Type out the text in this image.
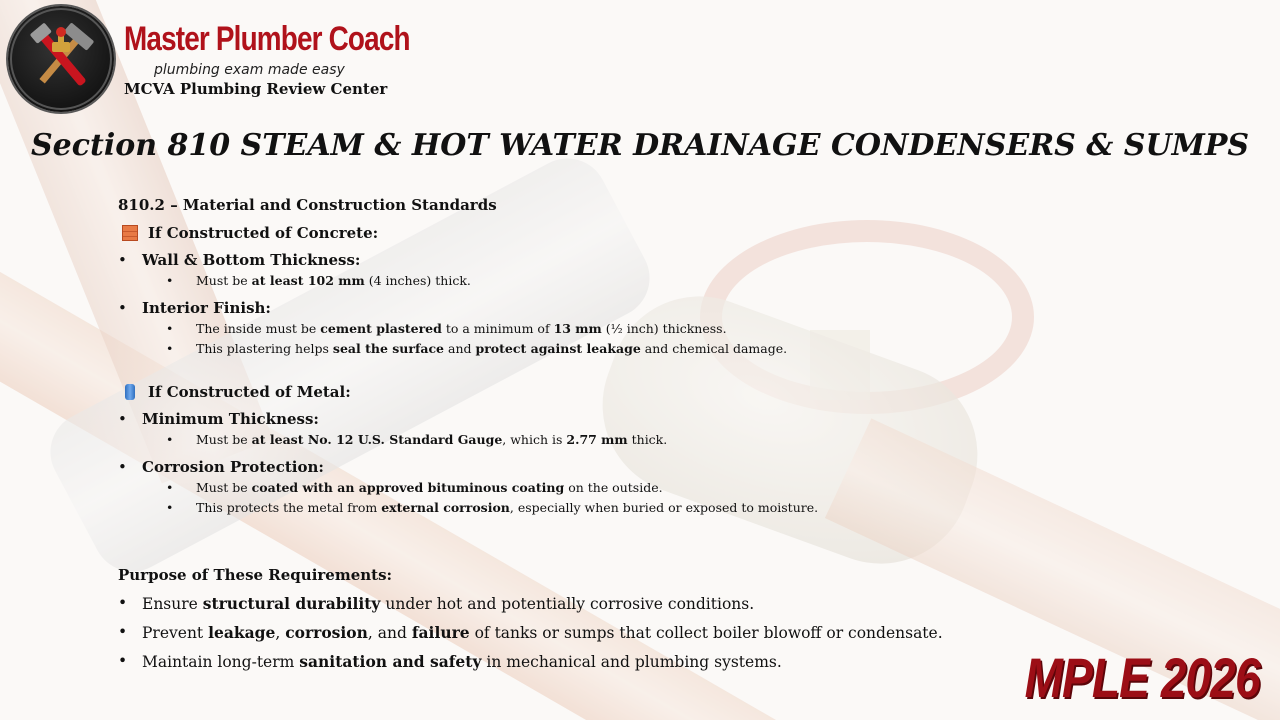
Master Plumber Coach
plumbing exam made easy
MCVA Plumbing Review Center
Section 810 STEAM & HOT WATER DRAINAGE CONDENSERS & SUMPS
810.2 – Material and Construction Standards
If Constructed of Concrete:
• Wall & Bottom Thickness:
• Must be at least 102 mm (4 inches) thick.
• Interior Finish:
• The inside must be cement plastered to a minimum of 13 mm (½ inch) thickness.
• This plastering helps seal the surface and protect against leakage and chemical damage.
If Constructed of Metal:
• Minimum Thickness:
• Must be at least No. 12 U.S. Standard Gauge, which is 2.77 mm thick.
• Corrosion Protection:
• Must be coated with an approved bituminous coating on the outside.
• This protects the metal from external corrosion, especially when buried or exposed to moisture.
Purpose of These Requirements:
• Ensure structural durability under hot and potentially corrosive conditions.
• Prevent leakage, corrosion, and failure of tanks or sumps that collect boiler blowoff or condensate.
• Maintain long-term sanitation and safety in mechanical and plumbing systems.	MPLE 2026
